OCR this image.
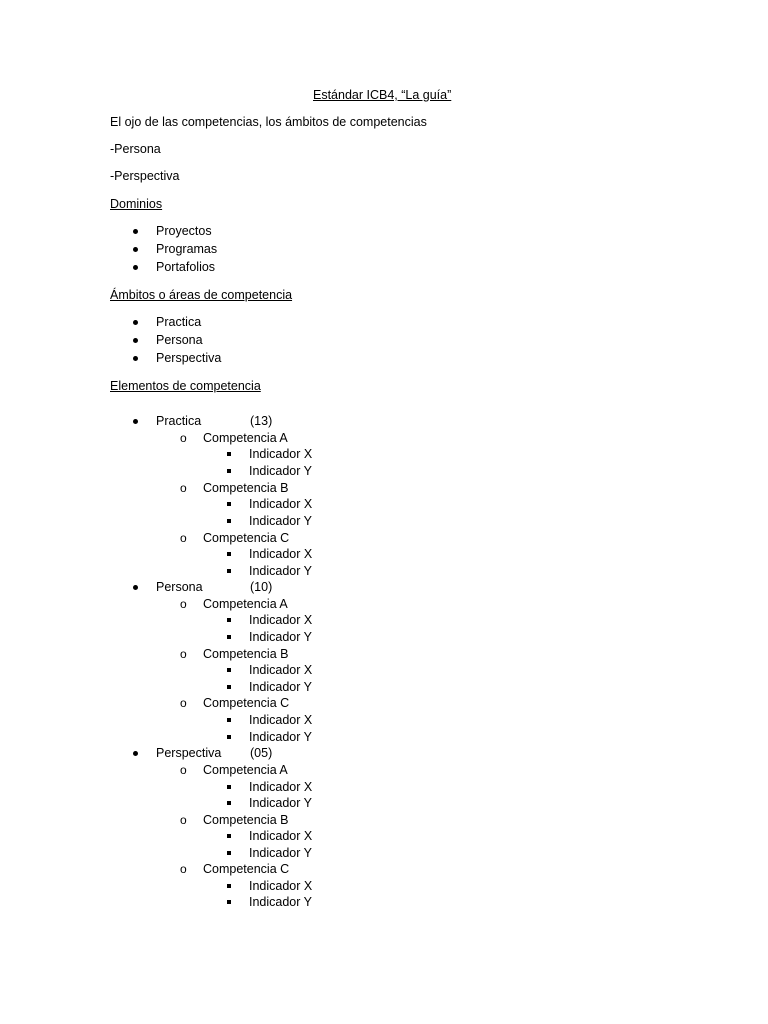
Estándar ICB4, “La guía”
El ojo de las competencias, los ámbitos de competencias
-Persona
-Perspectiva
Dominios
Proyectos
Programas
Portafolios
Ámbitos o áreas de competencia
Practica
Persona
Perspectiva
Elementos de competencia
Practica	(13)
o Competencia A
Indicador X
Indicador Y
o Competencia B
Indicador X
Indicador Y
o Competencia C
Indicador X
Indicador Y
Persona	(10)
o Competencia A
Indicador X
Indicador Y
o Competencia B
Indicador X
Indicador Y
o Competencia C
Indicador X
Indicador Y
Perspectiva (05)
o Competencia A
Indicador X
Indicador Y
o Competencia B
Indicador X
Indicador Y
o Competencia C
Indicador X
Indicador Y
